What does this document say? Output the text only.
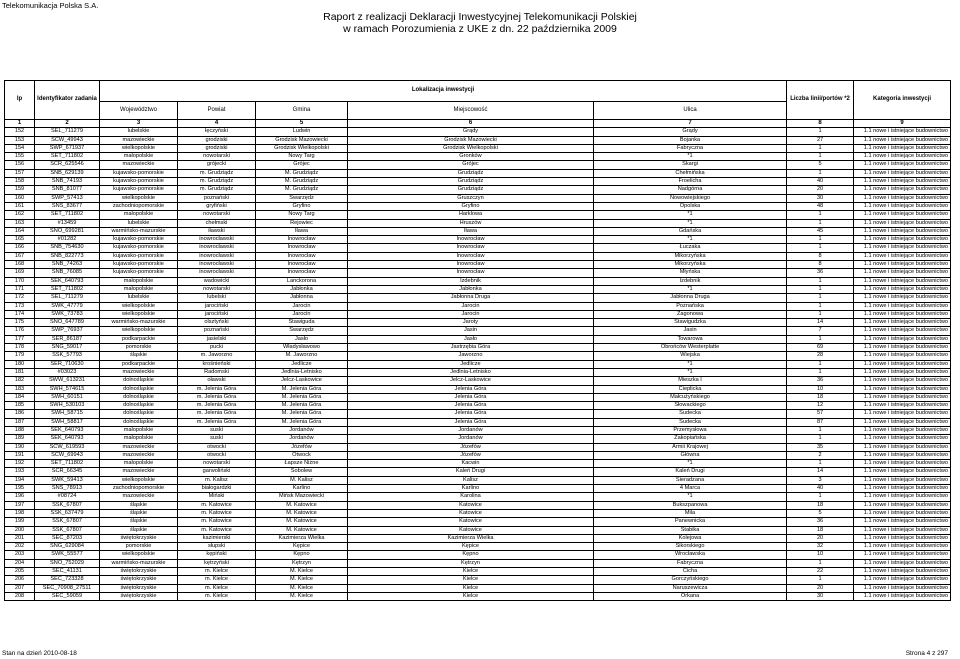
Telekomunikacja Polska S.A.
Raport z realizacji Deklaracji Inwestycyjnej Telekomunikacji Polskiej
w ramach Porozumienia z UKE z dn. 22 października 2009
lp	Identyfikator zadania	Lokalizacja inwestycji					Liczba linii/portów *2	Kategoria inwestycji
		Województwo	Powiat	Gmina	Miejscowość	Ulica		
1	2	3	4	5	6	7	8	9
152	SEL_711279	lubelskie	łęczyński	Ludwin	Grądy	Grądy	1	1.1 nowe i istniejące budownictwo
153	SCW_49943	mazowieckie	grodziski	Grodzisk Mazowiecki	Grodzisk Mazowiecki	Bojanka	27	1.1 nowe i istniejące budownictwo
154	SWP_671937	wielkopolskie	grodziski	Grodzisk Wielkopolski	Grodzisk Wielkopolski	Fabryczna	1	1.1 nowe i istniejące budownictwo
155	SET_711802	małopolskie	nowotarski	Nowy Targ	Gronków	*1	1	1.1 nowe i istniejące budownictwo
156	SCR_625546	mazowieckie	grójecki	Grójec	Grójec	Skargi	5	1.1 nowe i istniejące budownictwo
157	SNB_629139	kujawsko-pomorskie	m. Grudziądz	M. Grudziądz	Grudziądz	Chełmińska	1	1.1 nowe i istniejące budownictwo
158	SNB_74193	kujawsko-pomorskie	m. Grudziądz	M. Grudziądz	Grudziądz	Froelicha	40	1.1 nowe i istniejące budownictwo
159	SNB_81077	kujawsko-pomorskie	m. Grudziądz	M. Grudziądz	Grudziądz	Nadgórna	20	1.1 nowe i istniejące budownictwo
160	SWP_57413	wielkopolskie	poznański	Swarzędz	Gruszczyn	Nowowiejskiego	30	1.1 nowe i istniejące budownictwo
161	SNS_83677	zachodniopomorskie	gryfiński	Gryfino	Gryfino	Opolska	48	1.1 nowe i istniejące budownictwo
162	SET_711802	małopolskie	nowotarski	Nowy Targ	Harklowa	*1	1	1.1 nowe i istniejące budownictwo
163	#13459	lubelskie	chełmski	Rejowiec	Hruszów	*1	1	1.1 nowe i istniejące budownictwo
164	SNO_699281	warmińsko-mazurskie	iławski	Iława	Iława	Gdańska	45	1.1 nowe i istniejące budownictwo
165	#01282	kujawsko-pomorskie	inowrocławski	Inowrocław	Inowrocław	*1	1	1.1 nowe i istniejące budownictwo
166	SNB_754630	kujawsko-pomorskie	inowrocławski	Inowrocław	Inowrocław	Łuczaka	1	1.1 nowe i istniejące budownictwo
167	SNB_822773	kujawsko-pomorskie	inowrocławski	Inowrocław	Inowrocław	Mikorzyńska	8	1.1 nowe i istniejące budownictwo
168	SNB_74263	kujawsko-pomorskie	inowrocławski	Inowrocław	Inowrocław	Mikorzyńska	8	1.1 nowe i istniejące budownictwo
169	SNB_76085	kujawsko-pomorskie	inowrocławski	Inowrocław	Inowrocław	Młyńska	36	1.1 nowe i istniejące budownictwo
170	SEK_640793	małopolskie	wadowicki	Lanckorona	Izdebnik	Izdebnik	1	1.1 nowe i istniejące budownictwo
171	SET_711802	małopolskie	nowotarski	Jabłonka	Jabłonka	*1	1	1.1 nowe i istniejące budownictwo
172	SEL_711279	lubelskie	lubelski	Jabłonna	Jabłonna Druga	Jabłonna Druga	1	1.1 nowe i istniejące budownictwo
173	SWK_47779	wielkopolskie	jarociński	Jarocin	Jarocin	Poznańska	1	1.1 nowe i istniejące budownictwo
174	SWK_73783	wielkopolskie	jarociński	Jarocin	Jarocin	Zagonowa	1	1.1 nowe i istniejące budownictwo
175	SNO_647789	warmińsko-mazurskie	olsztyński	Stawiguda	Jaroty	Stawigudzka	14	1.1 nowe i istniejące budownictwo
176	SWP_76937	wielkopolskie	poznański	Swarzędz	Jasin	Jasin	7	1.1 nowe i istniejące budownictwo
177	SER_86187	podkarpackie	jasielski	Jasło	Jasło	Towarowa	1	1.1 nowe i istniejące budownictwo
178	SNG_59017	pomorskie	pucki	Władysławowo	Jastrzębia Góra	Obrońców Westerplatte	69	1.1 nowe i istniejące budownictwo
179	SSK_57793	śląskie	m. Jaworzno	M. Jaworzno	Jaworzno	Wiejska	28	1.1 nowe i istniejące budownictwo
180	SER_710630	podkarpackie	krośnieński	Jedlicze	Jedlicze	*1	1	1.1 nowe i istniejące budownictwo
181	#03023	mazowieckie	Radomski	Jedlnia-Letnisko	Jedlnia-Letnisko	*1	1	1.1 nowe i istniejące budownictwo
182	SWW_613231	dolnośląskie	oławski	Jelcz-Laskowice	Jelcz-Laskowice	Mieszka I	36	1.1 nowe i istniejące budownictwo
183	SWH_574615	dolnośląskie	m. Jelenia Góra	M. Jelenia Góra	Jelenia Góra	Cieplicka	10	1.1 nowe i istniejące budownictwo
184	SWH_60151	dolnośląskie	m. Jelenia Góra	M. Jelenia Góra	Jelenia Góra	Małcużyńskiego	18	1.1 nowe i istniejące budownictwo
185	SWH_530103	dolnośląskie	m. Jelenia Góra	M. Jelenia Góra	Jelenia Góra	Słowackiego	12	1.1 nowe i istniejące budownictwo
186	SWH_58715	dolnośląskie	m. Jelenia Góra	M. Jelenia Góra	Jelenia Góra	Sudecka	57	1.1 nowe i istniejące budownictwo
187	SWH_58817	dolnośląskie	m. Jelenia Góra	M. Jelenia Góra	Jelenia Góra	Sudecka	87	1.1 nowe i istniejące budownictwo
188	SEK_640793	małopolskie	suski	Jordanów	Jordanów	Przemysłowa	1	1.1 nowe i istniejące budownictwo
189	SEK_640793	małopolskie	suski	Jordanów	Jordanów	Zakopiańska	1	1.1 nowe i istniejące budownictwo
190	SCW_619593	mazowieckie	otwocki	Józefów	Józefów	Armii Krajowej	35	1.1 nowe i istniejące budownictwo
191	SCW_69943	mazowieckie	otwocki	Otwock	Józefów	Główna	2	1.1 nowe i istniejące budownictwo
192	SET_711802	małopolskie	nowotarski	Łapsze Niżne	Kacwin	*1	1	1.1 nowe i istniejące budownictwo
193	SCR_66345	mazowieckie	garwoliński	Sobolew	Kaleń Drugi	Kaleń Drugi	14	1.1 nowe i istniejące budownictwo
194	SWK_59413	wielkopolskie	m. Kalisz	M. Kalisz	Kalisz	Sieradzana	3	1.1 nowe i istniejące budownictwo
195	SNS_78913	zachodniopomorskie	białogardzki	Karlino	Karlino	4 Marca	40	1.1 nowe i istniejące budownictwo
196	#08724	mazowieckie	Miński	Mińsk Mazowiecki	Karolina	*1	1	1.1 nowe i istniejące budownictwo
197	SSK_67807	śląskie	m. Katowice	M. Katowice	Katowice	Bukszpanowa	18	1.1 nowe i istniejące budownictwo
198	SSK_637479	śląskie	m. Katowice	M. Katowice	Katowice	Mila	5	1.1 nowe i istniejące budownictwo
199	SSK_67807	śląskie	m. Katowice	M. Katowice	Katowice	Panewnicka	36	1.1 nowe i istniejące budownictwo
200	SSK_67807	śląskie	m. Katowice	M. Katowice	Katowice	Stabika	18	1.1 nowe i istniejące budownictwo
201	SEC_87203	świętokrzyskie	kazimierski	Kazimierza Wielka	Kazimierza Wielka	Kolejowa	20	1.1 nowe i istniejące budownictwo
202	SNG_629084	pomorskie	słupski	Kępice	Kępice	Sikorskiego	32	1.1 nowe i istniejące budownictwo
203	SWK_55577	wielkopolskie	kępiński	Kępno	Kępno	Wrocławska	10	1.1 nowe i istniejące budownictwo
204	SNO_752029	warmińsko-mazurskie	kętrzyński	Kętrzyn	Kętrzyn	Fabryczna	1	1.1 nowe i istniejące budownictwo
205	SEC_41131	świętokrzyskie	m. Kielce	M. Kielce	Kielce	Cicha	22	1.1 nowe i istniejące budownictwo
206	SEC_723328	świętokrzyskie	m. Kielce	M. Kielce	Kielce	Gorczyńskiego	1	1.1 nowe i istniejące budownictwo
207	SEC_70908_27511	świętokrzyskie	m. Kielce	M. Kielce	Kielce	Naruszewicza	20	1.1 nowe i istniejące budownictwo
208	SEC_59059	świętokrzyskie	m. Kielce	M. Kielce	Kielce	Orkana	30	1.1 nowe i istniejące budownictwo
Stan na dzień 2010-08-18	Strona 4 z 297
